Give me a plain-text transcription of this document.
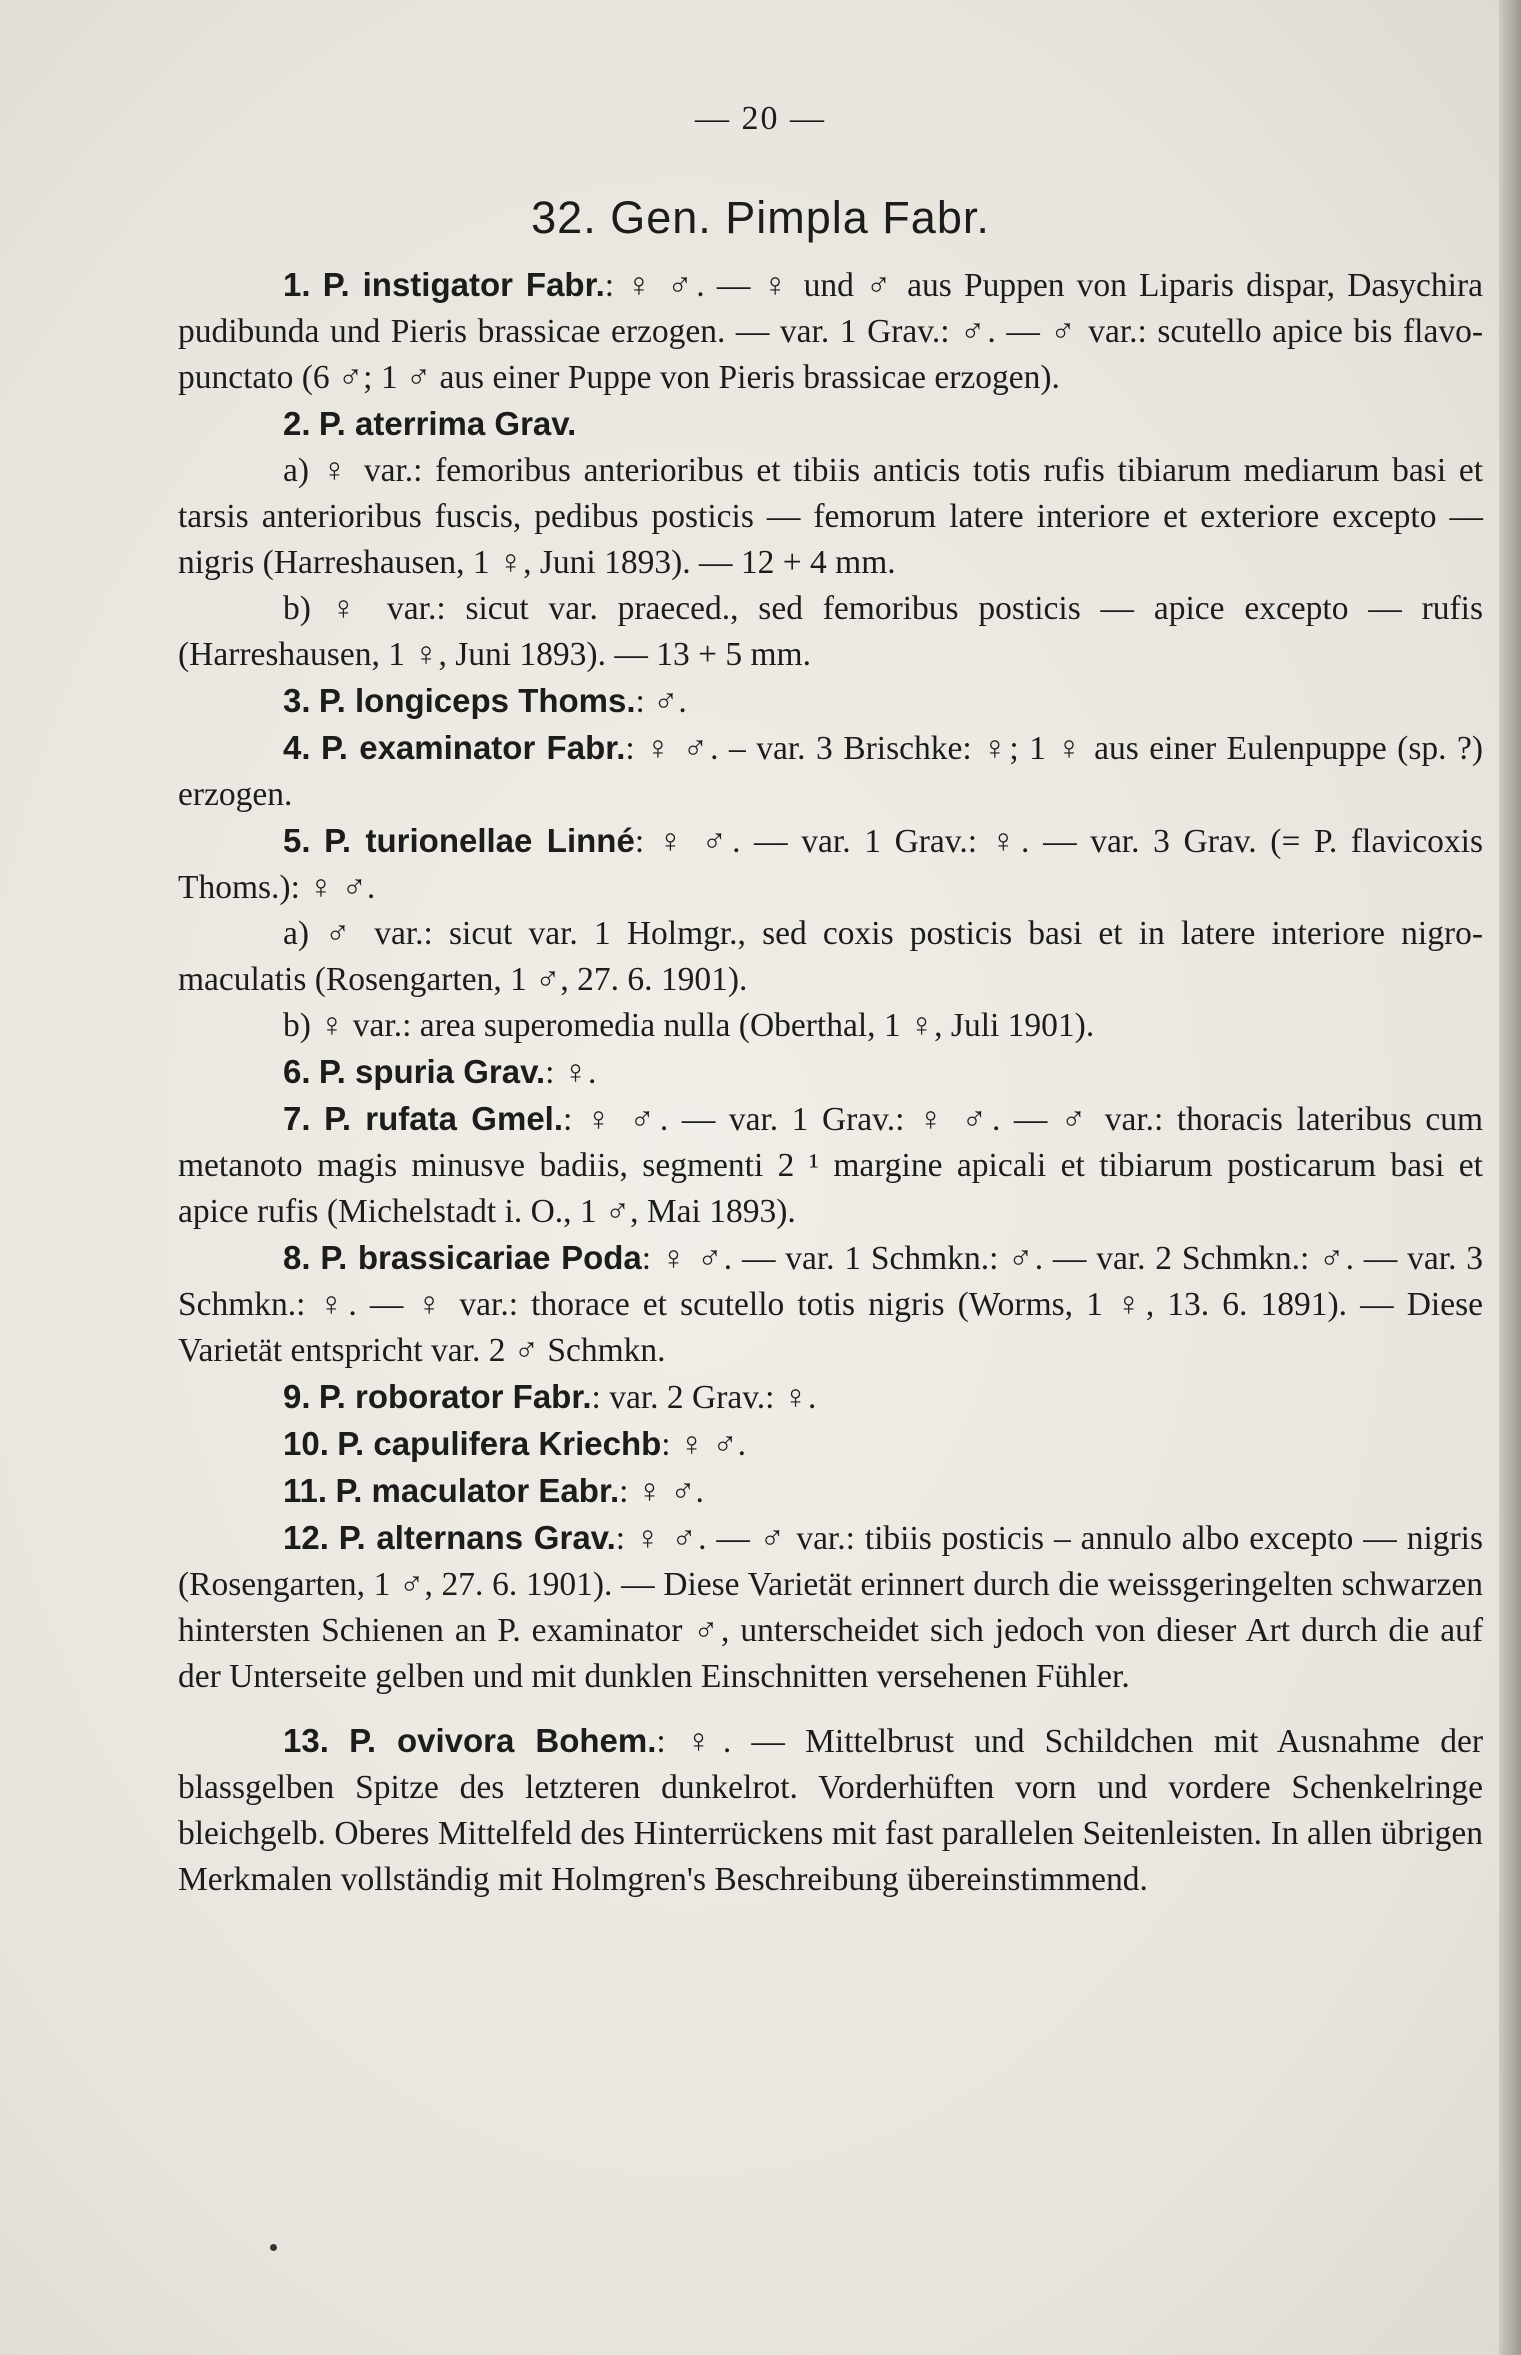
— 20 —
32. Gen. Pimpla Fabr.

1. P. instigator Fabr.: ♀ ♂. — ♀ und ♂ aus Puppen von Liparis dispar, Dasychira pudibunda und Pieris brassicae erzogen. — var. 1 Grav.: ♂. — ♂ var.: scutello apice bis flavo-punctato (6 ♂; 1 ♂ aus einer Puppe von Pieris brassicae erzogen).

2. P. aterrima Grav.

a) ♀ var.: femoribus anterioribus et tibiis anticis totis rufis tibiarum mediarum basi et tarsis anterioribus fuscis, pedibus posticis — femorum latere interiore et exteriore excepto — nigris (Harreshausen, 1 ♀, Juni 1893). — 12 + 4 mm.

b) ♀ var.: sicut var. praeced., sed femoribus posticis — apice excepto — rufis (Harreshausen, 1 ♀, Juni 1893). — 13 + 5 mm.

3. P. longiceps Thoms.: ♂.

4. P. examinator Fabr.: ♀ ♂. – var. 3 Brischke: ♀; 1 ♀ aus einer Eulenpuppe (sp. ?) erzogen.

5. P. turionellae Linné: ♀ ♂. — var. 1 Grav.: ♀. — var. 3 Grav. (= P. flavicoxis Thoms.): ♀ ♂.

a) ♂ var.: sicut var. 1 Holmgr., sed coxis posticis basi et in latere interiore nigro-maculatis (Rosengarten, 1 ♂, 27. 6. 1901).

b) ♀ var.: area superomedia nulla (Oberthal, 1 ♀, Juli 1901).

6. P. spuria Grav.: ♀.

7. P. rufata Gmel.: ♀ ♂. — var. 1 Grav.: ♀ ♂. — ♂ var.: thoracis lateribus cum metanoto magis minusve badiis, segmenti 2 ¹ margine apicali et tibiarum posticarum basi et apice rufis (Michelstadt i. O., 1 ♂, Mai 1893).

8. P. brassicariae Poda: ♀ ♂. — var. 1 Schmkn.: ♂. — var. 2 Schmkn.: ♂. — var. 3 Schmkn.: ♀. — ♀ var.: thorace et scutello totis nigris (Worms, 1 ♀, 13. 6. 1891). — Diese Varietät entspricht var. 2 ♂ Schmkn.

9. P. roborator Fabr.: var. 2 Grav.: ♀.

10. P. capulifera Kriechb: ♀ ♂.

11. P. maculator Eabr.: ♀ ♂.

12. P. alternans Grav.: ♀ ♂. — ♂ var.: tibiis posticis – annulo albo excepto — nigris (Rosengarten, 1 ♂, 27. 6. 1901). — Diese Varietät erinnert durch die weissgeringelten schwarzen hintersten Schienen an P. examinator ♂, unterscheidet sich jedoch von dieser Art durch die auf der Unterseite gelben und mit dunklen Einschnitten versehenen Fühler.

13. P. ovivora Bohem.: ♀. — Mittelbrust und Schildchen mit Ausnahme der blassgelben Spitze des letzteren dunkelrot. Vorderhüften vorn und vordere Schenkelringe bleichgelb. Oberes Mittelfeld des Hinterrückens mit fast parallelen Seitenleisten. In allen übrigen Merkmalen vollständig mit Holmgren's Beschreibung übereinstimmend.
